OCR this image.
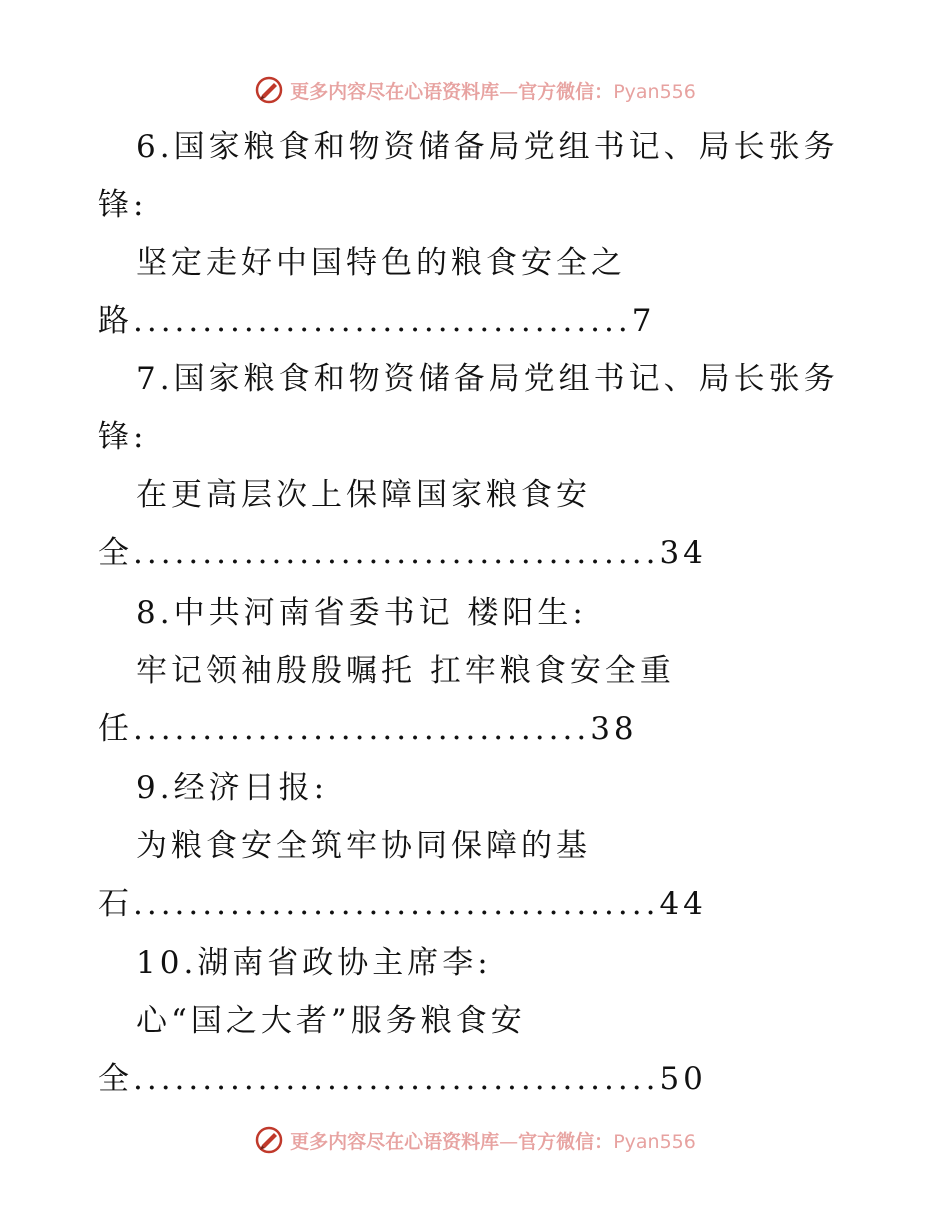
更多内容尽在心语资料库—官方微信：Pyan556
6.国家粮食和物资储备局党组书记、局长张务
锋:
坚定走好中国特色的粮食安全之
路....................................7
7.国家粮食和物资储备局党组书记、局长张务
锋:
在更高层次上保障国家粮食安
全......................................34
8.中共河南省委书记 楼阳生:
牢记领袖殷殷嘱托 扛牢粮食安全重
任.................................38
9.经济日报:
为粮食安全筑牢协同保障的基
石......................................44
10.湖南省政协主席李:
心“国之大者”服务粮食安
全......................................50
更多内容尽在心语资料库—官方微信：Pyan556
